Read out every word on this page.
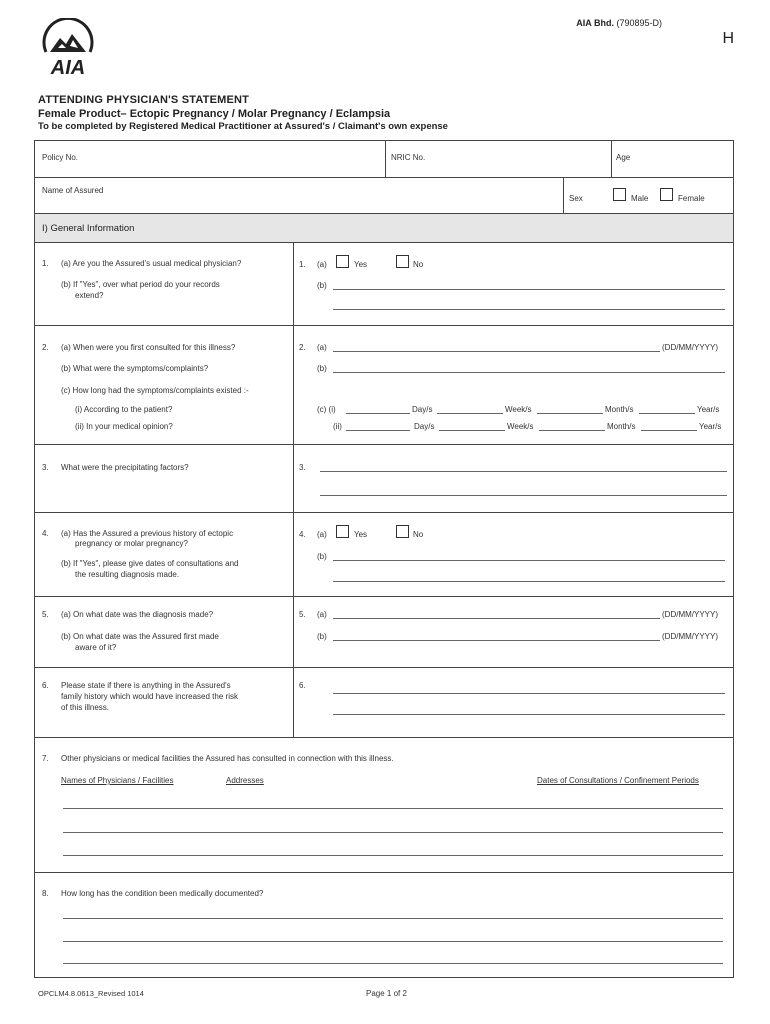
AIA
AIA Bhd. (790895-D)
H
ATTENDING PHYSICIAN'S STATEMENT
Female Product– Ectopic Pregnancy / Molar Pregnancy / Eclampsia
To be completed by Registered Medical Practitioner at Assured's / Claimant's own expense
Policy No.	NRIC No.	Age
Name of Assured
Sex	Male	Female
I) General Information
1. (a) Are you the Assured's usual medical physician?
(b) If "Yes", over what period do your records
extend?
1. (a)	Yes	No
(b)
2. (a) When were you first consulted for this illness?
(b) What were the symptoms/complaints?
(c) How long had the symptoms/complaints existed :-
(i) According to the patient?
(ii) In your medical opinion?
2. (a)	(DD/MM/YYYY)
(b)
(c) (i)	Day/s	Week/s	Month/s	Year/s
(ii)	Day/s	Week/s	Month/s	Year/s
3. What were the precipitating factors?	3.
4. (a) Has the Assured a previous history of ectopic
pregnancy or molar pregnancy?
(b) If "Yes", please give dates of consultations and
the resulting diagnosis made.
4. (a)	Yes	No
(b)
5. (a) On what date was the diagnosis made?
(b) On what date was the Assured first made
aware of it?
5. (a)	(DD/MM/YYYY)
(b)	(DD/MM/YYYY)
6. Please state if there is anything in the Assured's
family history which would have increased the risk
of this illness.
6.
7. Other physicians or medical facilities the Assured has consulted in connection with this illness.
Names of Physicians / Facilities	Addresses	Dates of Consultations / Confinement Periods
8. How long has the condition been medically documented?
OPCLM4.8.0613_Revised 1014	Page 1 of 2
